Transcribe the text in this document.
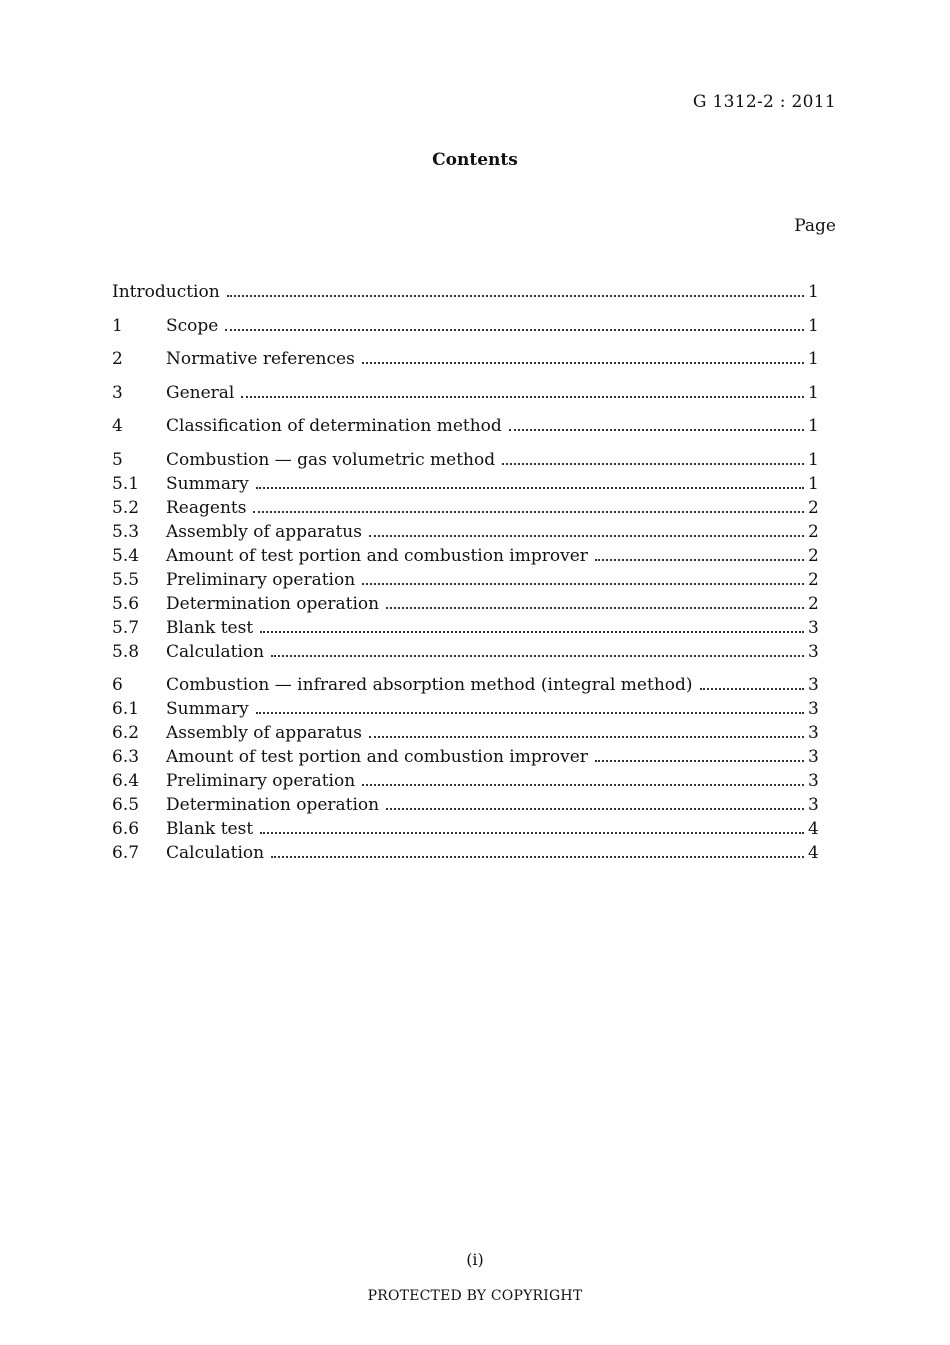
G 1312-2 : 2011
Contents
Page
Introduction	1
1	Scope	1
2	Normative references	1
3	General	1
4	Classification of determination method	1
5	Combustion — gas volumetric method	1
5.1	Summary	1
5.2	Reagents	2
5.3	Assembly of apparatus	2
5.4	Amount of test portion and combustion improver	2
5.5	Preliminary operation	2
5.6	Determination operation	2
5.7	Blank test	3
5.8	Calculation	3
6	Combustion — infrared absorption method (integral method)	3
6.1	Summary	3
6.2	Assembly of apparatus	3
6.3	Amount of test portion and combustion improver	3
6.4	Preliminary operation	3
6.5	Determination operation	3
6.6	Blank test	4
6.7	Calculation	4
(i)
PROTECTED BY COPYRIGHT
